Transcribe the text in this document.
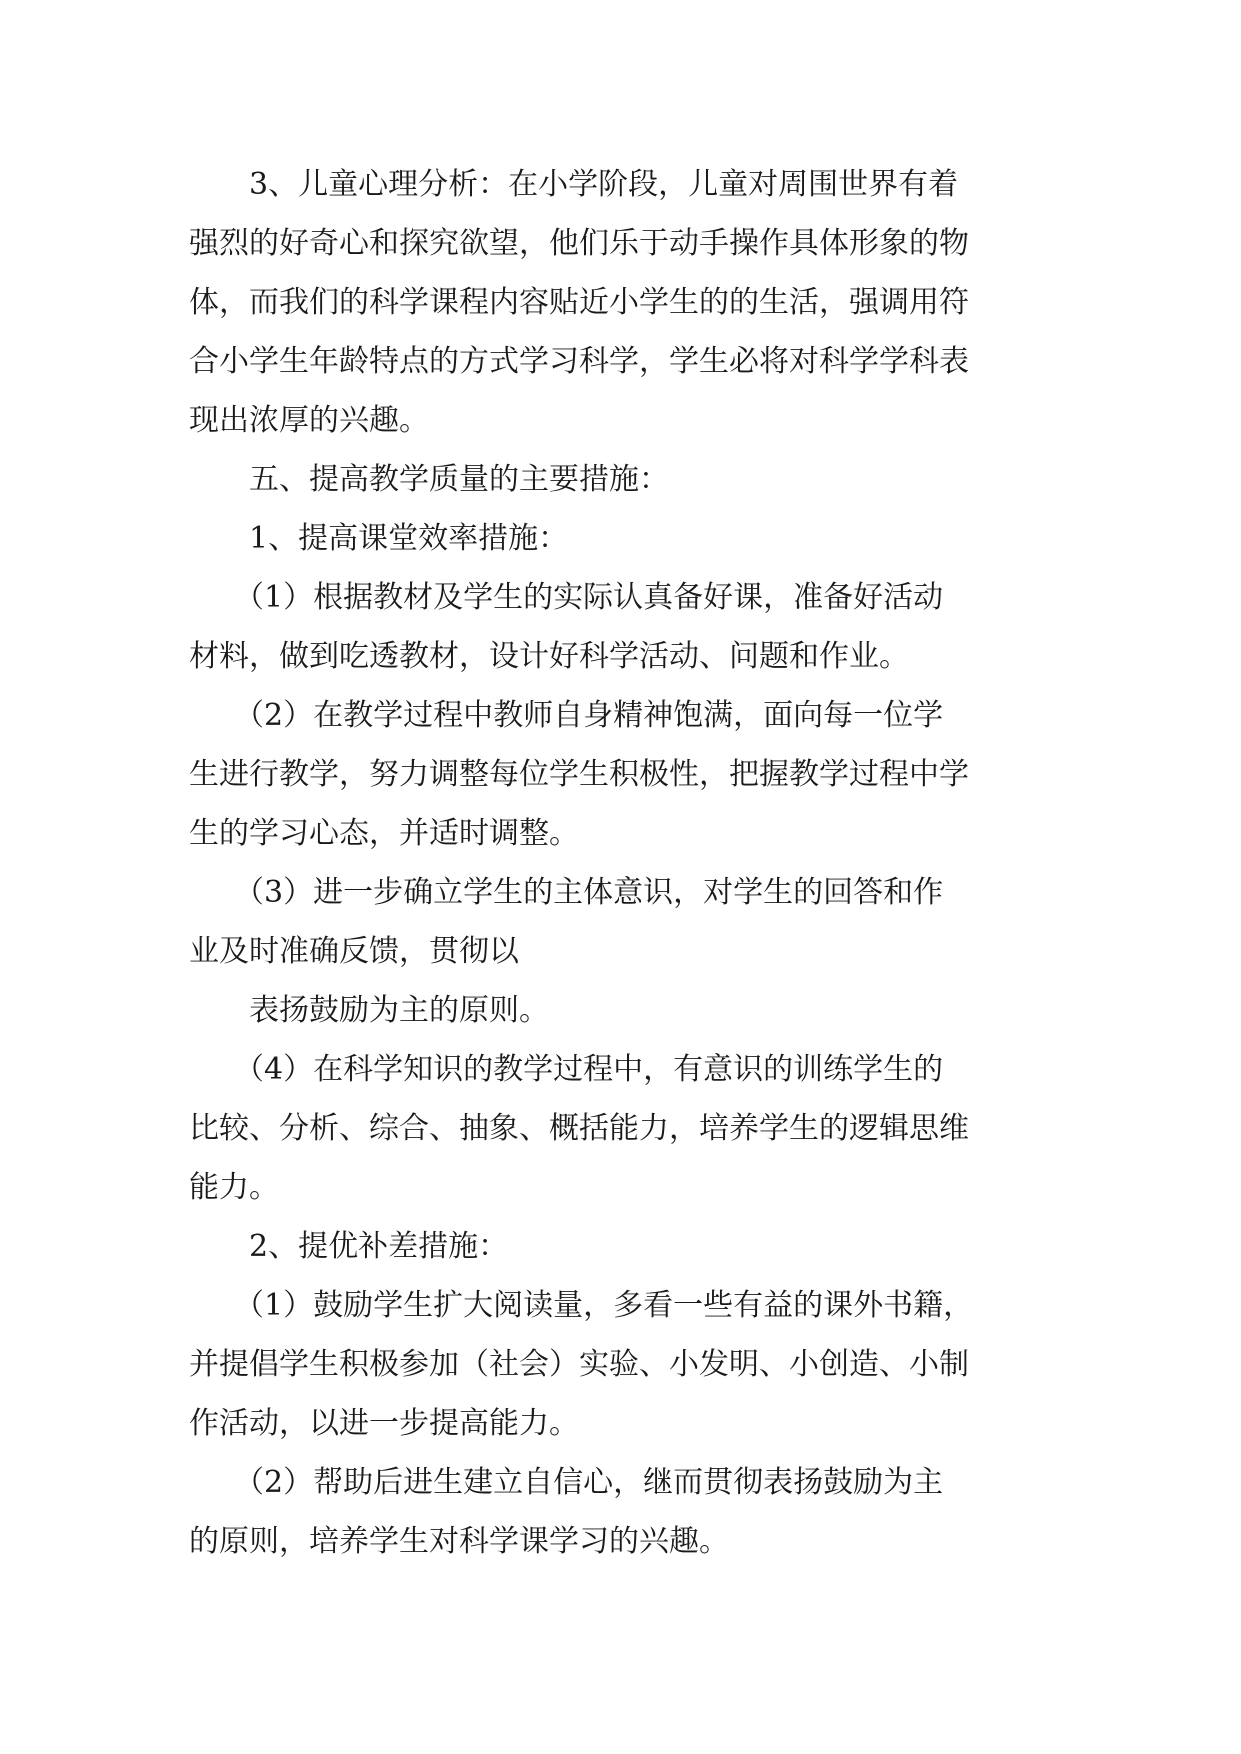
　　3、儿童心理分析：在小学阶段，儿童对周围世界有着
强烈的好奇心和探究欲望，他们乐于动手操作具体形象的物
体，而我们的科学课程内容贴近小学生的的生活，强调用符
合小学生年龄特点的方式学习科学，学生必将对科学学科表
现出浓厚的兴趣。
　　五、提高教学质量的主要措施：
　　1、提高课堂效率措施：
　　（1）根据教材及学生的实际认真备好课，准备好活动
材料，做到吃透教材，设计好科学活动、问题和作业。
　　（2）在教学过程中教师自身精神饱满，面向每一位学
生进行教学，努力调整每位学生积极性，把握教学过程中学
生的学习心态，并适时调整。
　　（3）进一步确立学生的主体意识，对学生的回答和作
业及时准确反馈，贯彻以
　　表扬鼓励为主的原则。
　　（4）在科学知识的教学过程中，有意识的训练学生的
比较、分析、综合、抽象、概括能力，培养学生的逻辑思维
能力。
　　2、提优补差措施：
　　（1）鼓励学生扩大阅读量，多看一些有益的课外书籍，
并提倡学生积极参加（社会）实验、小发明、小创造、小制
作活动，以进一步提高能力。
　　（2）帮助后进生建立自信心，继而贯彻表扬鼓励为主
的原则，培养学生对科学课学习的兴趣。
